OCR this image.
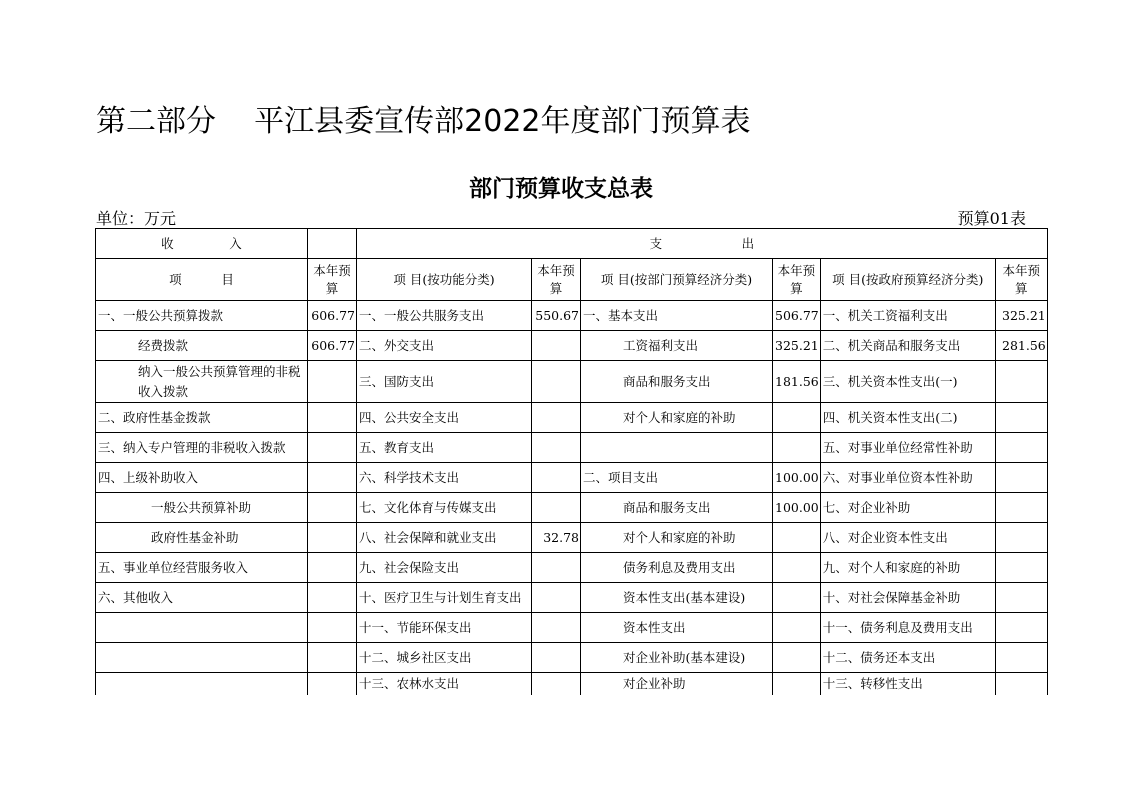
第二部分    平江县委宣传部2022年度部门预算表
部门预算收支总表
单位：万元	预算01表
收              入		支                    出					
项          目	本年预算	项 目(按功能分类)	本年预算	项 目(按部门预算经济分类)	本年预算	项 目(按政府预算经济分类)	本年预算
一、一般公共预算拨款	606.77	一、一般公共服务支出	550.67	一、基本支出	506.77	一、机关工资福利支出	325.21
经费拨款	606.77	二、外交支出		工资福利支出	325.21	二、机关商品和服务支出	281.56
纳入一般公共预算管理的非税收入拨款		三、国防支出		商品和服务支出	181.56	三、机关资本性支出(一)	
二、政府性基金拨款		四、公共安全支出		对个人和家庭的补助		四、机关资本性支出(二)	
三、纳入专户管理的非税收入拨款		五、教育支出				五、对事业单位经常性补助	
四、上级补助收入		六、科学技术支出		二、项目支出	100.00	六、对事业单位资本性补助	
一般公共预算补助		七、文化体育与传媒支出		商品和服务支出	100.00	七、对企业补助	
政府性基金补助		八、社会保障和就业支出	32.78	对个人和家庭的补助		八、对企业资本性支出	
五、事业单位经营服务收入		九、社会保险支出		债务利息及费用支出		九、对个人和家庭的补助	
六、其他收入		十、医疗卫生与计划生育支出		资本性支出(基本建设)		十、对社会保障基金补助	
		十一、节能环保支出		资本性支出		十一、债务利息及费用支出	
		十二、城乡社区支出		对企业补助(基本建设)		十二、债务还本支出	
		十三、农林水支出		对企业补助		十三、转移性支出	
